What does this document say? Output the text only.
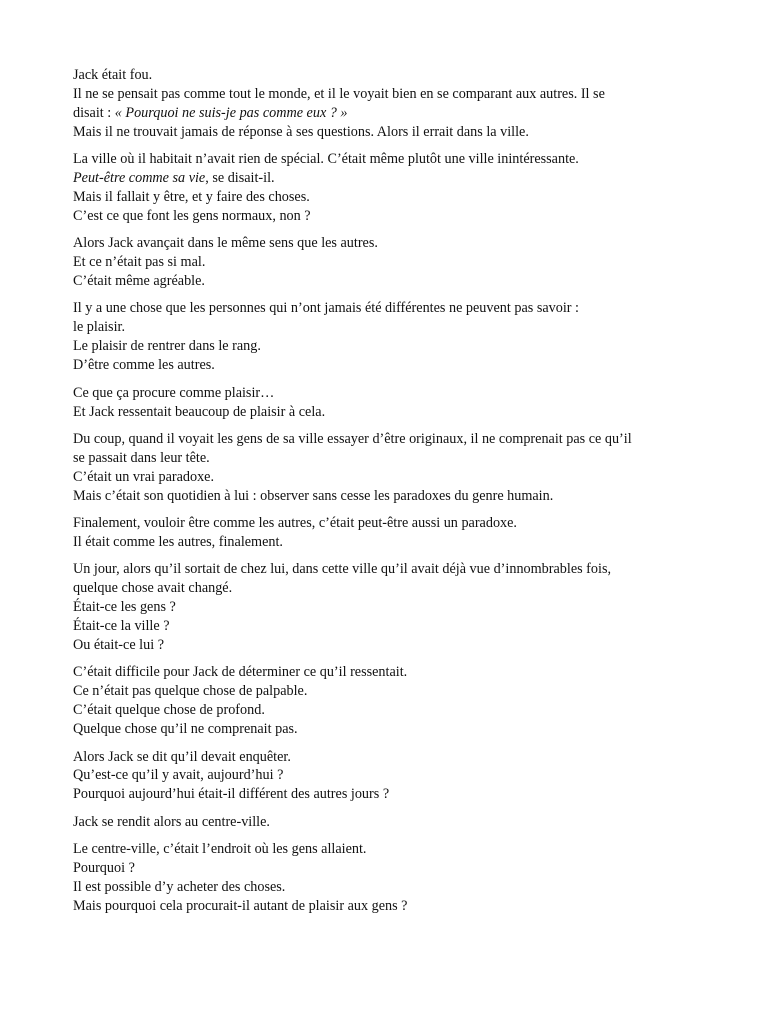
Jack était fou.
Il ne se pensait pas comme tout le monde, et il le voyait bien en se comparant aux autres. Il se
disait : « Pourquoi ne suis-je pas comme eux ? »
Mais il ne trouvait jamais de réponse à ses questions. Alors il errait dans la ville.
La ville où il habitait n’avait rien de spécial. C’était même plutôt une ville inintéressante.
Peut-être comme sa vie, se disait-il.
Mais il fallait y être, et y faire des choses.
C’est ce que font les gens normaux, non ?
Alors Jack avançait dans le même sens que les autres.
Et ce n’était pas si mal.
C’était même agréable.
Il y a une chose que les personnes qui n’ont jamais été différentes ne peuvent pas savoir :
le plaisir.
Le plaisir de rentrer dans le rang.
D’être comme les autres.
Ce que ça procure comme plaisir…
Et Jack ressentait beaucoup de plaisir à cela.
Du coup, quand il voyait les gens de sa ville essayer d’être originaux, il ne comprenait pas ce qu’il
se passait dans leur tête.
C’était un vrai paradoxe.
Mais c’était son quotidien à lui : observer sans cesse les paradoxes du genre humain.
Finalement, vouloir être comme les autres, c’était peut-être aussi un paradoxe.
Il était comme les autres, finalement.
Un jour, alors qu’il sortait de chez lui, dans cette ville qu’il avait déjà vue d’innombrables fois,
quelque chose avait changé.
Était-ce les gens ?
Était-ce la ville ?
Ou était-ce lui ?
C’était difficile pour Jack de déterminer ce qu’il ressentait.
Ce n’était pas quelque chose de palpable.
C’était quelque chose de profond.
Quelque chose qu’il ne comprenait pas.
Alors Jack se dit qu’il devait enquêter.
Qu’est-ce qu’il y avait, aujourd’hui ?
Pourquoi aujourd’hui était-il différent des autres jours ?
Jack se rendit alors au centre-ville.
Le centre-ville, c’était l’endroit où les gens allaient.
Pourquoi ?
Il est possible d’y acheter des choses.
Mais pourquoi cela procurait-il autant de plaisir aux gens ?
